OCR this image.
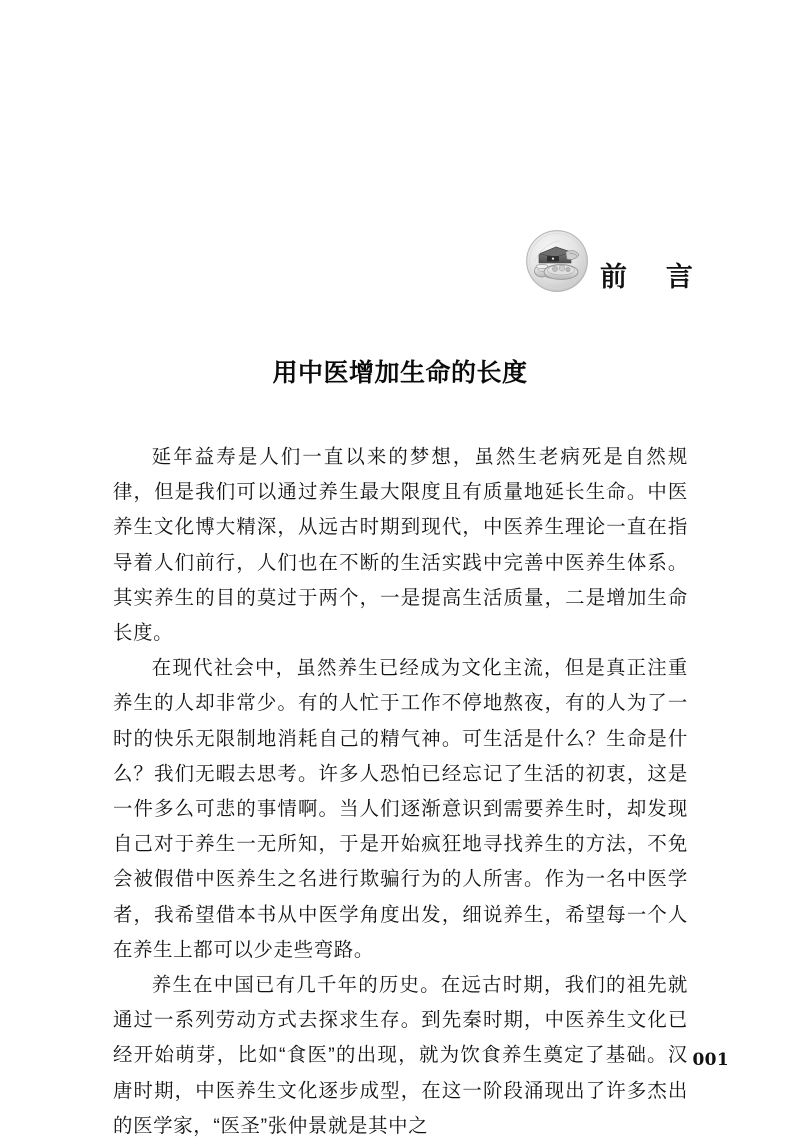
前　言
用中医增加生命的长度

延年益寿是人们一直以来的梦想，虽然生老病死是自然规律，但是我们可以通过养生最大限度且有质量地延长生命。中医养生文化博大精深，从远古时期到现代，中医养生理论一直在指导着人们前行，人们也在不断的生活实践中完善中医养生体系。其实养生的目的莫过于两个，一是提高生活质量，二是增加生命长度。

在现代社会中，虽然养生已经成为文化主流，但是真正注重养生的人却非常少。有的人忙于工作不停地熬夜，有的人为了一时的快乐无限制地消耗自己的精气神。可生活是什么？生命是什么？我们无暇去思考。许多人恐怕已经忘记了生活的初衷，这是一件多么可悲的事情啊。当人们逐渐意识到需要养生时，却发现自己对于养生一无所知，于是开始疯狂地寻找养生的方法，不免会被假借中医养生之名进行欺骗行为的人所害。作为一名中医学者，我希望借本书从中医学角度出发，细说养生，希望每一个人在养生上都可以少走些弯路。

养生在中国已有几千年的历史。在远古时期，我们的祖先就通过一系列劳动方式去探求生存。到先秦时期，中医养生文化已经开始萌芽，比如“食医”的出现，就为饮食养生奠定了基础。汉唐时期，中医养生文化逐步成型，在这一阶段涌现出了许多杰出的医学家，“医圣”张仲景就是其中之

001
